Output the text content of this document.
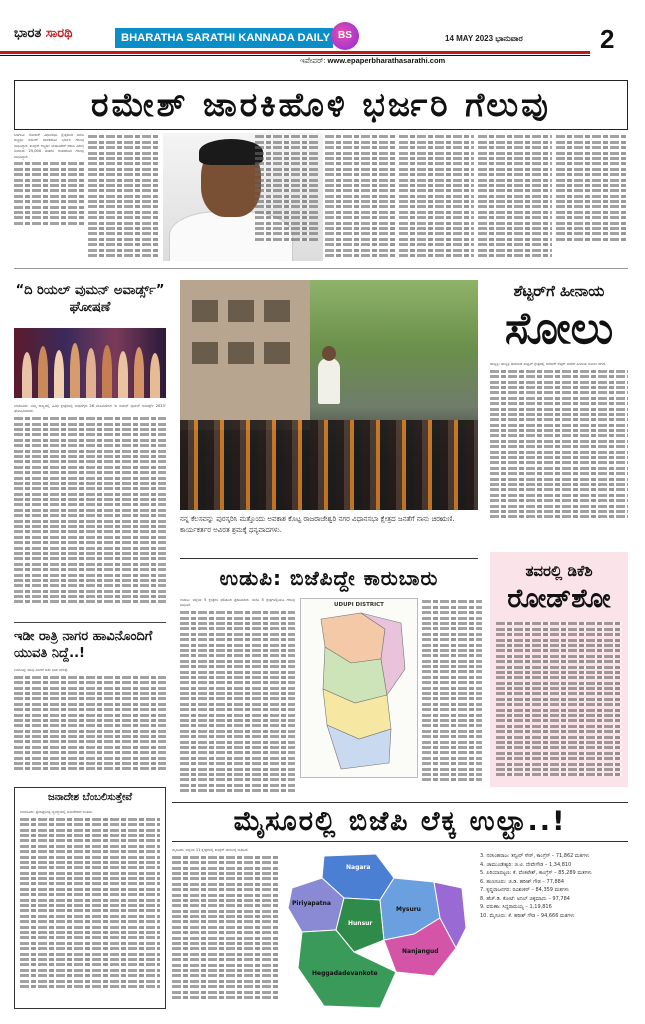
ಭಾರತ ಸಾರಥಿ	BHARATHA SARATHI KANNADA DAILY BS	14 MAY 2023 ಭಾನುವಾರ	2
ಇಪೇಪರ್: www.epaperbharathasarathi.com
ರಮೇಶ್ ಜಾರಕಿಹೊಳಿ ಭರ್ಜರಿ ಗೆಲುವು
ಬೆಳಗಾವಿ: ಗೋಕಾಕ್ ವಿಧಾನಸಭಾ ಕ್ಷೇತ್ರದಿಂದ ಬಿಜೆಪಿ ಅಭ್ಯರ್ಥಿ ರಮೇಶ್ ಜಾರಕಿಹೊಳಿ ಭರ್ಜರಿ ಗೆಲುವು ಸಾಧಿಸಿದ್ದಾರೆ. ಕಾಂಗ್ರೆಸ್ ಅಭ್ಯರ್ಥಿ ಮಹಾಂತೇಶ್ ಕಡಾಡಿ ವಿರುದ್ಧ ಸುಮಾರು 25,000 ಮತಗಳ ಅಂತರದಿಂದ ಗೆಲುವು ಸಾಧಿಸಿದ್ದಾರೆ.
“ದಿ ರಿಯಲ್ ವುಮನ್ ಅವಾರ್ಡ್ಸ್” ಘೋಷಣೆ
ಬೆಂಗಳೂರು: ನಮ್ಮ ರಾಜ್ಯದಲ್ಲಿ ವಿವಿಧ ಕ್ಷೇತ್ರಗಳಲ್ಲಿ ಸಾಧನೆಗೈದ 26 ಮಹಿಳೆಯರಿಗೆ ‘ದಿ ರಿಯಲ್ ವುಮನ್ ಅವಾರ್ಡ್ಸ್ 2023’ ಘೋಷಿಸಲಾಗಿದೆ.
ನನ್ನ ಕೆಲಸವನ್ನು ಪುರಸ್ಕರಿಸಿ ಮತ್ತೊಂದು ಅವಕಾಶ ಕೊಟ್ಟ ರಾಜರಾಜೇಶ್ವರಿ ನಗರ ವಿಧಾನಸಭಾ ಕ್ಷೇತ್ರದ ಜನತೆಗೆ ನಾನು ಚಿರಋಣಿ. ಕಾರ್ಯಕರ್ತರ ಅವಿರತ ಶ್ರಮಕ್ಕೆ ಧನ್ಯವಾದಗಳು.
ಶೆಟ್ಟರ್‌ಗೆ ಹೀನಾಯ
ಸೋಲು
ಹುಬ್ಬಳ್ಳಿ: ಹುಬ್ಬಳ್ಳಿ ಧಾರವಾಡ ಸೆಂಟ್ರಲ್ ಕ್ಷೇತ್ರದಲ್ಲಿ ಜಗದೀಶ್ ಶೆಟ್ಟರ್ ಅವರಿಗೆ ಹೀನಾಯ ಸೋಲು ಆಗಿದೆ.
ಇಡೀ ರಾತ್ರಿ ನಾಗರ ಹಾವಿನೊಂದಿಗೆ ಯುವತಿ ನಿದ್ದೆ..!
ಶಿವಮೊಗ್ಗ: ಹಾವು ಎಂದರೆ ಸಾಕು ಭಯ ಆಗುತ್ತೆ.
ಉಡುಪಿ: ಬಿಜೆಪಿದ್ದೇ ಕಾರುಬಾರು
ಉಡುಪಿ: ಜಿಲ್ಲೆಯ 5 ಕ್ಷೇತ್ರಗಳ ಫಲಿತಾಂಶ ಪ್ರಕಟವಾಗಿದೆ. ಬಿಜೆಪಿ 5 ಕ್ಷೇತ್ರಗಳಲ್ಲಿಯೂ ಗೆಲುವು ಸಾಧಿಸಿದೆ.	UDUPI DISTRICT
ತವರಲ್ಲಿ ಡಿಕೆಶಿ
ರೋಡ್‌ಶೋ
ಜನಾದೇಶ ಬೆಂಬಲಿಸುತ್ತೇವೆ
ಬೆಂಗಳೂರು: ಪ್ರಜಾಪ್ರಭುತ್ವ ವ್ಯವಸ್ಥೆಯಲ್ಲಿ ಜನಾದೇಶವೇ ಅಂತಿಮ.	ಮೈಸೂರಲ್ಲಿ ಬಿಜೆಪಿ ಲೆಕ್ಕ ಉಲ್ಟಾ..!
ಮೈಸೂರು: ಜಿಲ್ಲೆಯ 11 ಕ್ಷೇತ್ರಗಳಲ್ಲಿ ಕಾಂಗ್ರೆಸ್ ಮೇಲುಗೈ ಸಾಧಿಸಿದೆ.
Nagara
Piriyapatna
Hunsur
Mysuru
Nanjangud
Heggadadevankote
3. ನರಸಿಂಹರಾಜ: ತನ್ವೀರ್ ಸೇಠ್, ಕಾಂಗ್ರೆಸ್ – 71,862 ಮತಗಳು
4. ಚಾಮುಂಡೇಶ್ವರಿ: ಜಿ.ಟಿ. ದೇವೇಗೌಡ – 1,34,810
5. ಪಿರಿಯಾಪಟ್ಟಣ: ಕೆ. ವೆಂಕಟೇಶ್, ಕಾಂಗ್ರೆಸ್ – 85,289 ಮತಗಳು
6. ಹುಣಸೂರು: ಜಿ.ಡಿ. ಹರೀಶ್ ಗೌಡ – 77,884
7. ಕೃಷ್ಣರಾಜನಗರ: ರವಿಶಂಕರ್ – 84,359 ಮತಗಳು
8. ಹೆಚ್.ಡಿ. ಕೋಟೆ: ಅನಿಲ್ ಚಿಕ್ಕಮಾದು – 97,784
9. ವರುಣಾ: ಸಿದ್ದರಾಮಯ್ಯ – 1,19,816
10. ಮೈಸೂರು: ಕೆ. ಹರೀಶ್ ಗೌಡ – 94,666 ಮತಗಳು
